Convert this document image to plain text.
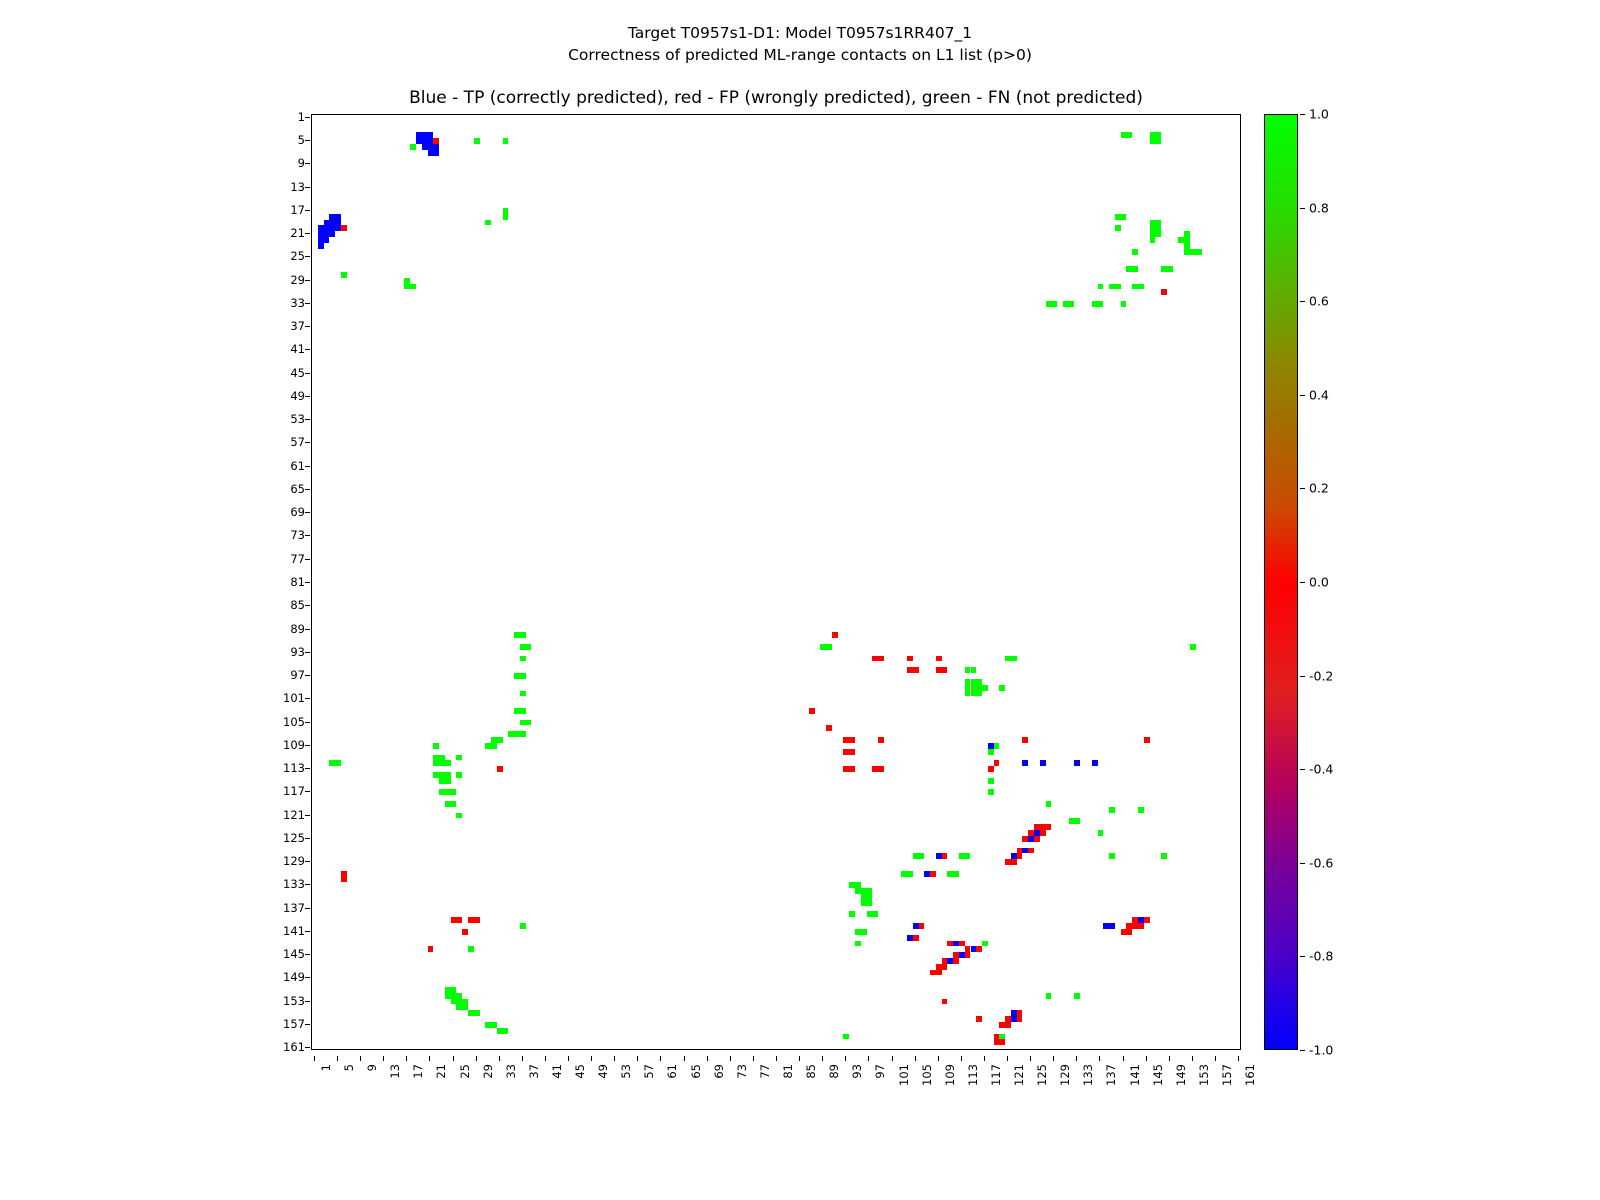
Target T0957s1-D1: Model T0957s1RR407_1
Correctness of predicted ML-range contacts on L1 list (p>0)
Blue - TP (correctly predicted), red - FP (wrongly predicted), green - FN (not predicted)
1
5
9
13
17
21
25
29
33
37
41
45
49
53
57
61
65
69
73
77
81
85
89
93
97
101
105
109
113
117
121
125
129
133
137
141
145
149
153
157
161
1 5 9 13 17 21 25 29 33 37 41 45 49 53 57 61 65 69 73 77 81 85 89 93 97 101 105 109 113 117 121 125 129 133 137 141 145 149 153 157 161
1.0
0.8
0.6
0.4
0.2
0.0
-0.2
-0.4
-0.6
-0.8
-1.0
